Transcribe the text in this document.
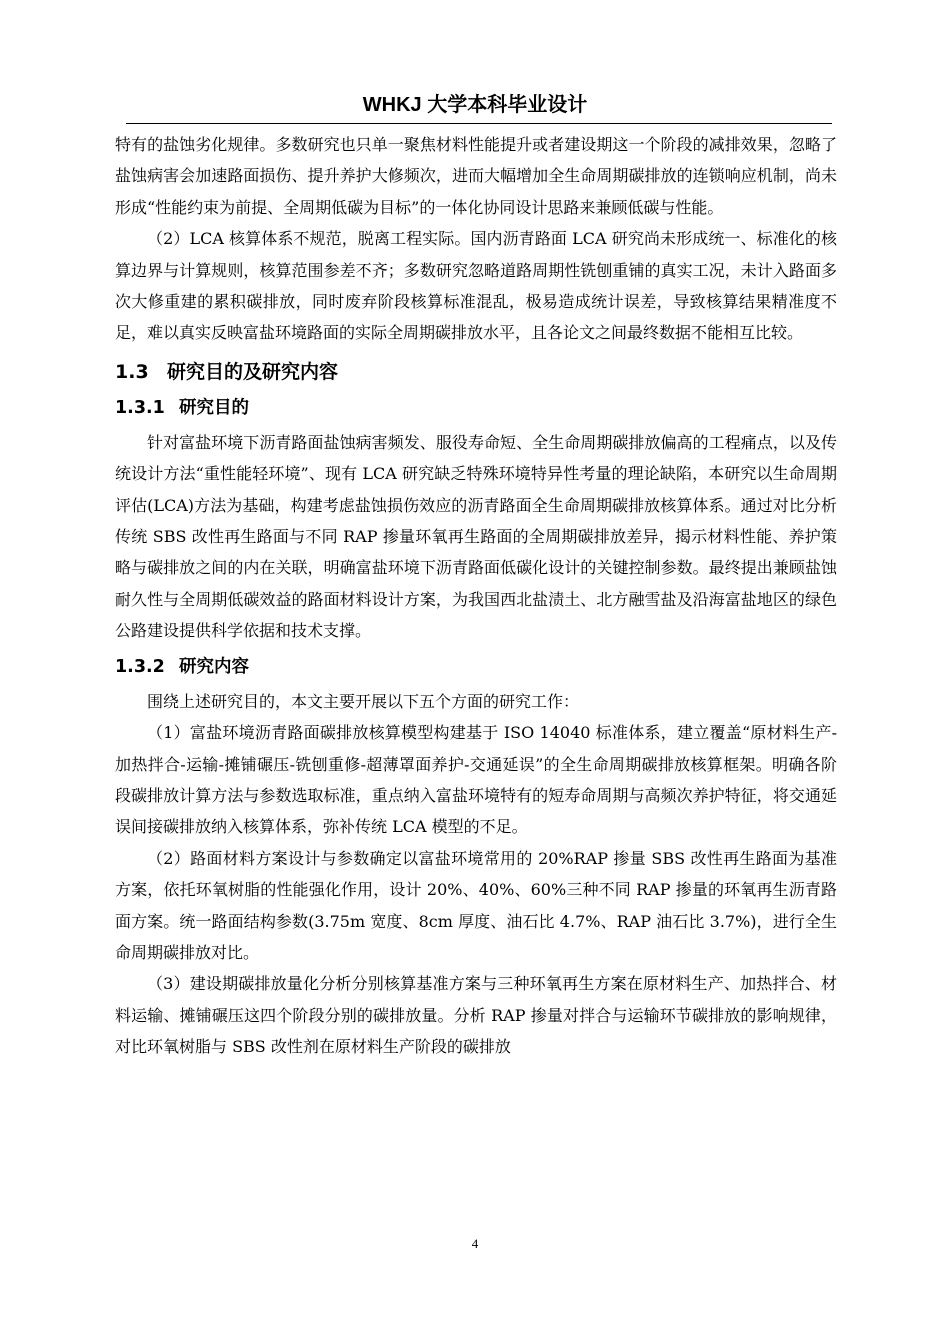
WHKJ 大学本科毕业设计

特有的盐蚀劣化规律。多数研究也只单一聚焦材料性能提升或者建设期这一个阶段的减排效果，忽略了盐蚀病害会加速路面损伤、提升养护大修频次，进而大幅增加全生命周期碳排放的连锁响应机制，尚未形成“性能约束为前提、全周期低碳为目标”的一体化协同设计思路来兼顾低碳与性能。

（2）LCA 核算体系不规范，脱离工程实际。国内沥青路面 LCA 研究尚未形成统一、标准化的核算边界与计算规则，核算范围参差不齐；多数研究忽略道路周期性铣刨重铺的真实工况，未计入路面多次大修重建的累积碳排放，同时废弃阶段核算标准混乱，极易造成统计误差，导致核算结果精准度不足，难以真实反映富盐环境路面的实际全周期碳排放水平，且各论文之间最终数据不能相互比较。

1.3 研究目的及研究内容
1.3.1 研究目的

针对富盐环境下沥青路面盐蚀病害频发、服役寿命短、全生命周期碳排放偏高的工程痛点，以及传统设计方法“重性能轻环境”、现有 LCA 研究缺乏特殊环境特异性考量的理论缺陷，本研究以生命周期评估(LCA)方法为基础，构建考虑盐蚀损伤效应的沥青路面全生命周期碳排放核算体系。通过对比分析传统 SBS 改性再生路面与不同 RAP 掺量环氧再生路面的全周期碳排放差异，揭示材料性能、养护策略与碳排放之间的内在关联，明确富盐环境下沥青路面低碳化设计的关键控制参数。最终提出兼顾盐蚀耐久性与全周期低碳效益的路面材料设计方案，为我国西北盐渍土、北方融雪盐及沿海富盐地区的绿色公路建设提供科学依据和技术支撑。

1.3.2 研究内容

围绕上述研究目的，本文主要开展以下五个方面的研究工作：

（1）富盐环境沥青路面碳排放核算模型构建基于 ISO 14040 标准体系，建立覆盖“原材料生产-加热拌合-运输-摊铺碾压-铣刨重修-超薄罩面养护-交通延误”的全生命周期碳排放核算框架。明确各阶段碳排放计算方法与参数选取标准，重点纳入富盐环境特有的短寿命周期与高频次养护特征，将交通延误间接碳排放纳入核算体系，弥补传统 LCA 模型的不足。

（2）路面材料方案设计与参数确定以富盐环境常用的 20%RAP 掺量 SBS 改性再生路面为基准方案，依托环氧树脂的性能强化作用，设计 20%、40%、60%三种不同 RAP 掺量的环氧再生沥青路面方案。统一路面结构参数(3.75m 宽度、8cm 厚度、油石比 4.7%、RAP 油石比 3.7%)，进行全生命周期碳排放对比。

（3）建设期碳排放量化分析分别核算基准方案与三种环氧再生方案在原材料生产、加热拌合、材料运输、摊铺碾压这四个阶段分别的碳排放量。分析 RAP 掺量对拌合与运输环节碳排放的影响规律，对比环氧树脂与 SBS 改性剂在原材料生产阶段的碳排放

4
